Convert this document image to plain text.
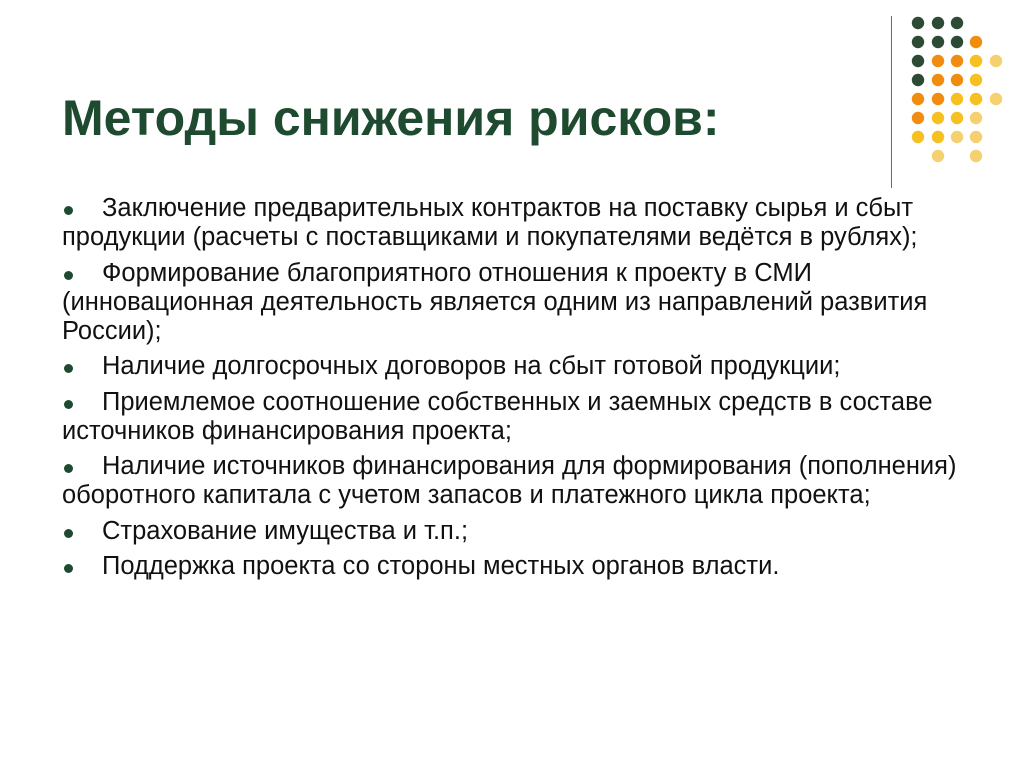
Методы снижения рисков:
Заключение предварительных контрактов на поставку сырья и сбыт продукции (расчеты с поставщиками и покупателями ведётся в рублях);
Формирование благоприятного отношения к проекту в СМИ (инновационная деятельность является одним из направлений развития России);
Наличие долгосрочных договоров на сбыт готовой продукции;
Приемлемое соотношение собственных и заемных средств в составе источников финансирования проекта;
Наличие источников финансирования для формирования (пополнения) оборотного капитала с учетом запасов и платежного цикла проекта;
Страхование имущества и т.п.;
Поддержка проекта со стороны местных органов власти.
